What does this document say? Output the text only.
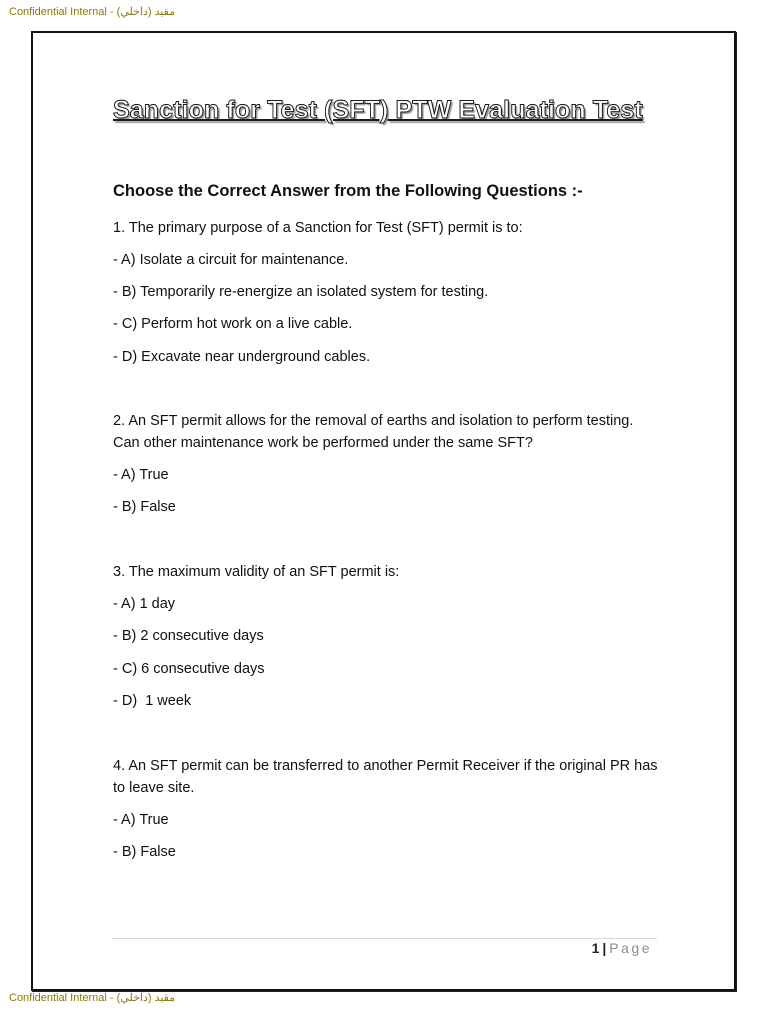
Confidential Internal - مقيد (داخلي)
Sanction for Test (SFT) PTW Evaluation Test
Choose the Correct Answer from the Following Questions :-
1. The primary purpose of a Sanction for Test (SFT) permit is to:
- A) Isolate a circuit for maintenance.
- B) Temporarily re-energize an isolated system for testing.
- C) Perform hot work on a live cable.
- D) Excavate near underground cables.
2. An SFT permit allows for the removal of earths and isolation to perform testing. Can other maintenance work be performed under the same SFT?
- A) True
- B) False
3. The maximum validity of an SFT permit is:
- A) 1 day
- B) 2 consecutive days
- C) 6 consecutive days
- D)  1 week
4. An SFT permit can be transferred to another Permit Receiver if the original PR has to leave site.
- A) True
- B) False
1 | Page
Confidential Internal - مقيد (داخلي)
